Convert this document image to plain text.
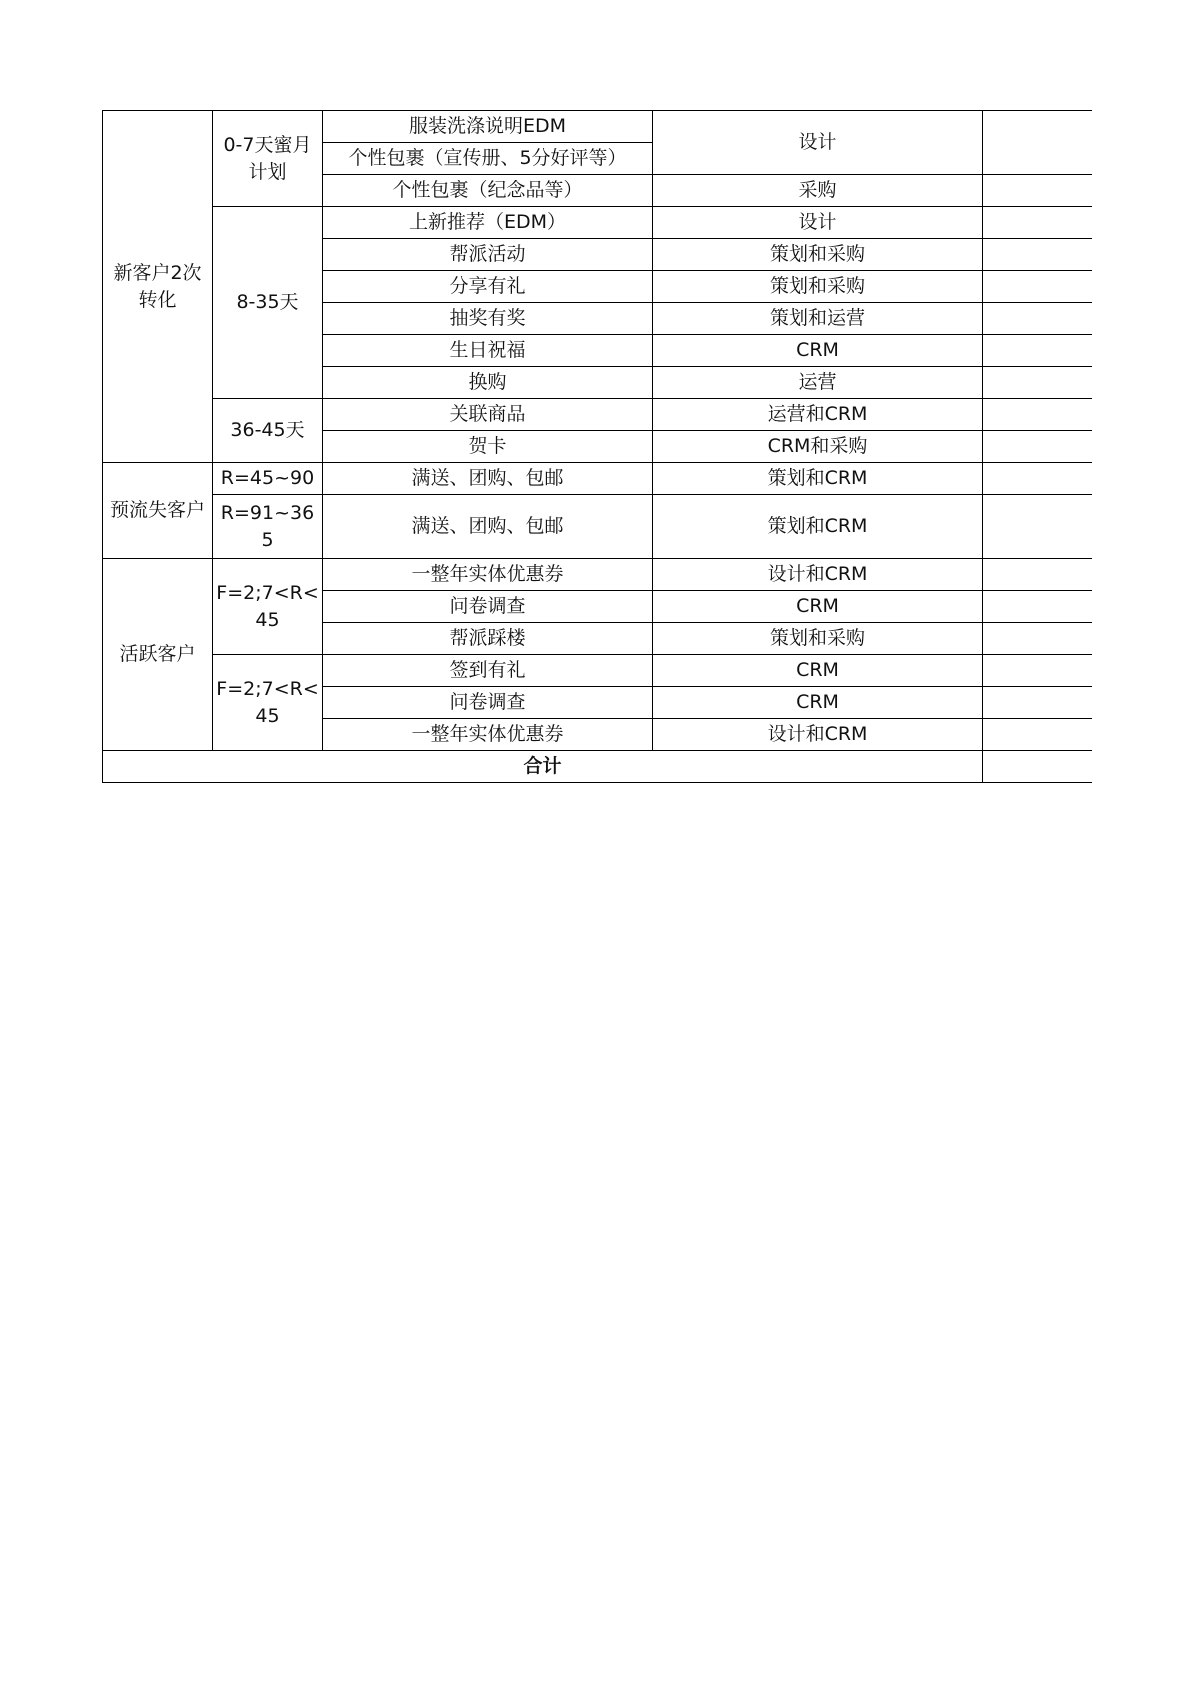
新客户2次转化	0-7天蜜月计划	服装洗涤说明EDM	设计	
		个性包裹（宣传册、5分好评等）		
		个性包裹（纪念品等）	采购	
	8-35天	上新推荐（EDM）	设计	
		帮派活动	策划和采购	
		分享有礼	策划和采购	
		抽奖有奖	策划和运营	
		生日祝福	CRM	
		换购	运营	
	36-45天	关联商品	运营和CRM	
		贺卡	CRM和采购	
预流失客户	R=45~90	满送、团购、包邮	策划和CRM	
	R=91~365	满送、团购、包邮	策划和CRM	
活跃客户	F=2;7<R<45	一整年实体优惠券	设计和CRM	
		问卷调查	CRM	
		帮派踩楼	策划和采购	
	F=2;7<R<45	签到有礼	CRM	
		问卷调查	CRM	
		一整年实体优惠券	设计和CRM	
合计				
